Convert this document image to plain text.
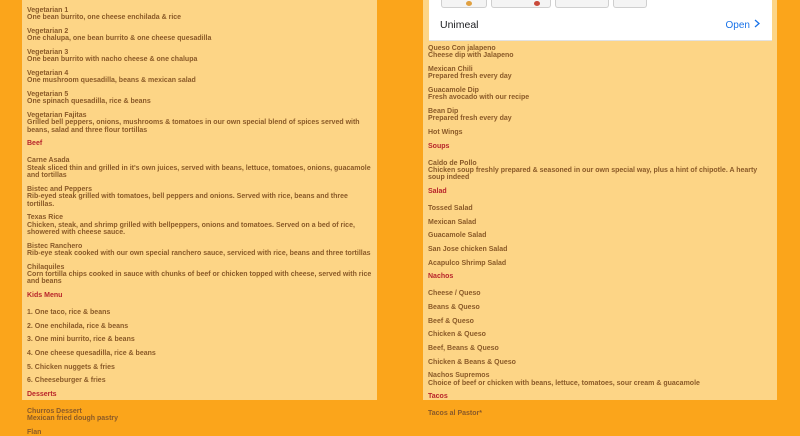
Vegetarian 1
One bean burrito, one cheese enchilada & rice
Vegetarian 2
One chalupa, one bean burrito & one cheese quesadilla
Vegetarian 3
One bean burrito with nacho cheese & one chalupa
Vegetarian 4
One mushroom quesadilla, beans & mexican salad
Vegetarian 5
One spinach quesadilla, rice & beans
Vegetarian Fajitas
Grilled bell peppers, onions, mushrooms & tomatoes in our own special blend of spices served with beans, salad and three flour tortillas
Beef
Carne Asada
Steak sliced thin and grilled in it's own juices, served with beans, lettuce, tomatoes, onions, guacamole and tortillas
Bistec and Peppers
Rib-eyed steak grilled with tomatoes, bell peppers and onions. Served with rice, beans and three tortillas.
Texas Rice
Chicken, steak, and shrimp grilled with bellpeppers, onions and tomatoes. Served on a bed of rice, showered with cheese sauce.
Bistec Ranchero
Rib-eye steak cooked with our own special ranchero sauce, serviced with rice, beans and three tortillas
Chilaquiles
Corn tortilla chips cooked in sauce with chunks of beef or chicken topped with cheese, served with rice and beans
Kids Menu
1. One taco, rice & beans
2. One enchilada, rice & beans
3. One mini burrito, rice & beans
4. One cheese quesadilla, rice & beans
5. Chicken nuggets & fries
6. Cheeseburger & fries
Desserts
Churros Dessert
Mexican fried dough pastry
Flan
Queso Con jalapeno
Cheese dip with Jalapeno
Mexican Chili
Prepared fresh every day
Guacamole Dip
Fresh avocado with our recipe
Bean Dip
Prepared fresh every day
Hot Wings
Soups
Caldo de Pollo
Chicken soup freshly prepared & seasoned in our own special way, plus a hint of chipotle. A hearty soup indeed
Salad
Tossed Salad
Mexican Salad
Guacamole Salad
San Jose chicken Salad
Acapulco Shrimp Salad
Nachos
Cheese / Queso
Beans & Queso
Beef & Queso
Chicken & Queso
Beef, Beans & Queso
Chicken & Beans & Queso
Nachos Supremos
Choice of beef or chicken with beans, lettuce, tomatoes, sour cream & guacamole
Tacos
Tacos al Pastor*
Unimeal	Open
